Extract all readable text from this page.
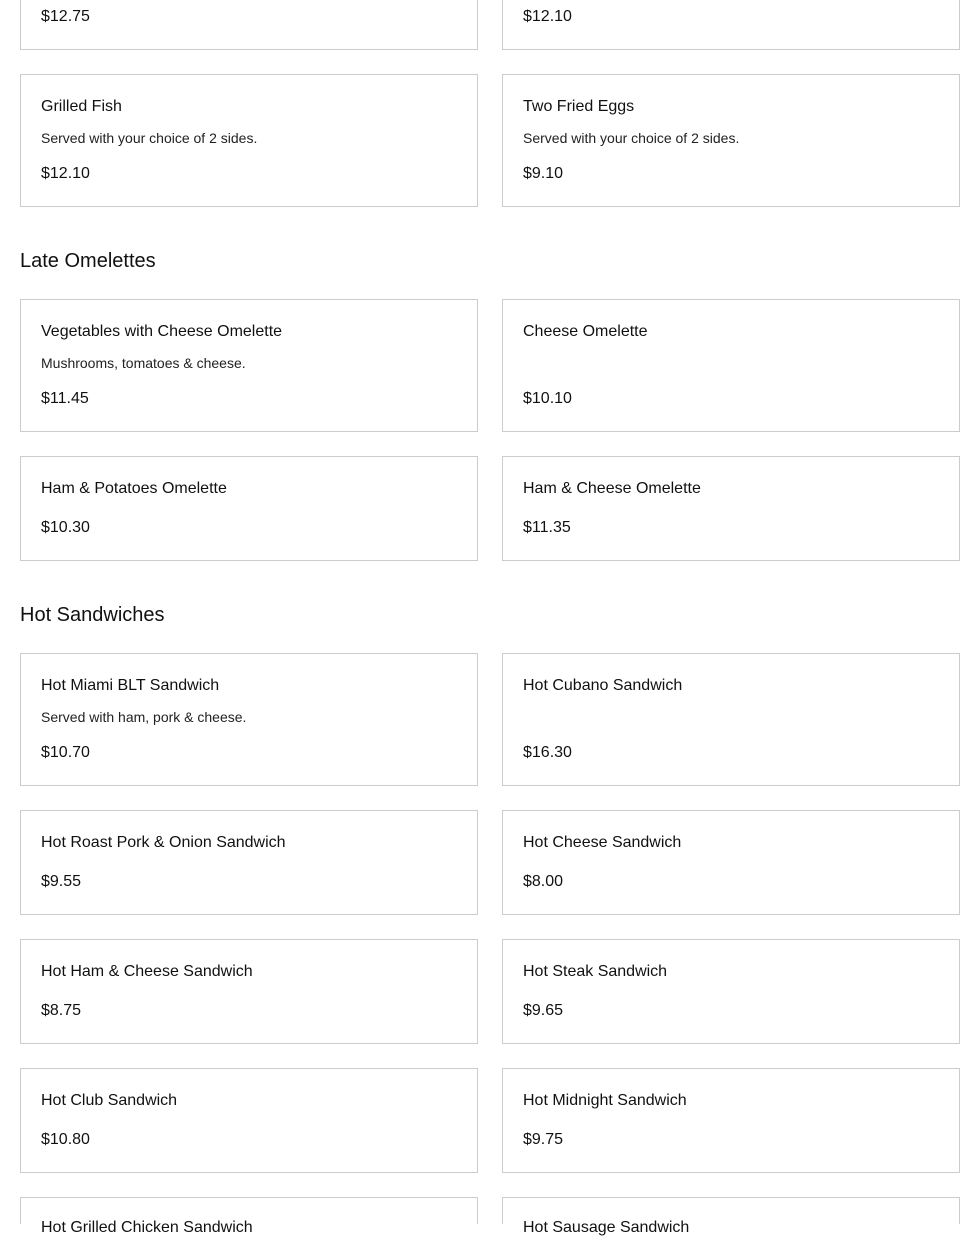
$12.75	$12.10
Grilled Fish
Served with your choice of 2 sides.
$12.10
Two Fried Eggs
Served with your choice of 2 sides.
$9.10
Late Omelettes
Vegetables with Cheese Omelette
Mushrooms, tomatoes & cheese.
$11.45
Cheese Omelette
$10.10
Ham & Potatoes Omelette
$10.30
Ham & Cheese Omelette
$11.35
Hot Sandwiches
Hot Miami BLT Sandwich
Served with ham, pork & cheese.
$10.70
Hot Cubano Sandwich
$16.30
Hot Roast Pork & Onion Sandwich
$9.55
Hot Cheese Sandwich
$8.00
Hot Ham & Cheese Sandwich
$8.75
Hot Steak Sandwich
$9.65
Hot Club Sandwich
$10.80
Hot Midnight Sandwich
$9.75
Hot Grilled Chicken Sandwich	Hot Sausage Sandwich
